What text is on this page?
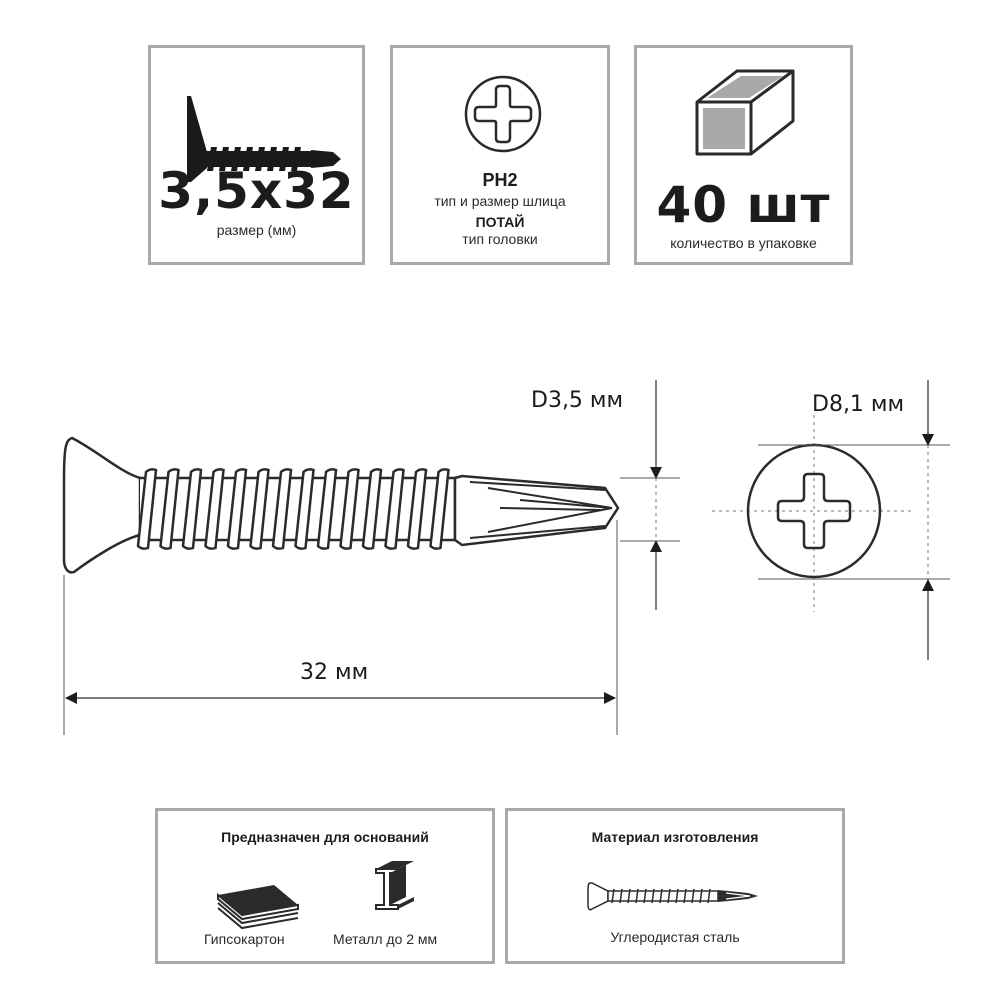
3,5x32
размер (мм)
PH2
тип и размер шлица
ПОТАЙ
тип головки
40 шт
количество в упаковке
D3,5 мм	D8,1 мм
32 мм
Предназначен для оснований
Гипсокартон	Металл до 2 мм
Материал изготовления
Углеродистая сталь
